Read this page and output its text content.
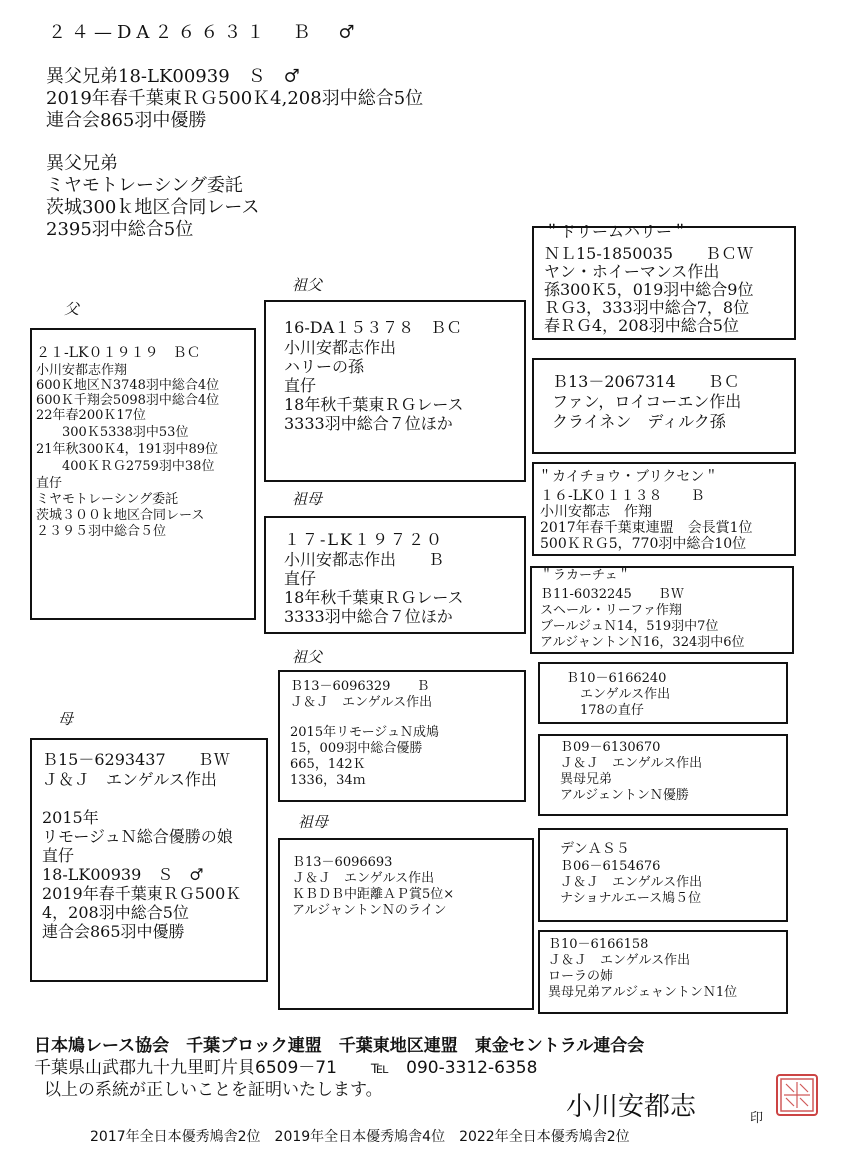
２４—DA２６６３１　Ｂ　♂
異父兄弟18-LK00939　Ｓ　♂
2019年春千葉東ＲＧ500Ｋ4,208羽中総合5位
連合会865羽中優勝
異父兄弟
ミヤモトレーシング委託
茨城300ｋ地区合同レース
2395羽中総合5位
父
祖父
祖母
祖父
母
祖母
２１-LK０１９１９　ＢＣ
小川安都志作翔
600Ｋ地区Ｎ3748羽中総合4位
600Ｋ千翔会5098羽中総合4位
22年春200Ｋ17位
　　300Ｋ5338羽中53位
21年秋300Ｋ4，191羽中89位
　　400ＫＲＧ2759羽中38位
直仔
ミヤモトレーシング委託
茨城３００ｋ地区合同レース
２３９５羽中総合５位
Ｂ15－6293437　　ＢＷ
Ｊ＆Ｊ　エンゲルス作出
2015年
リモージュＮ総合優勝の娘
直仔
18-LK00939　Ｓ　♂
2019年春千葉東ＲＧ500Ｋ
4，208羽中総合5位
連合会865羽中優勝
16-DA１５３７８　ＢＣ
小川安都志作出
ハリーの孫
直仔
18年秋千葉東ＲＧレース
3333羽中総合７位ほか
１７-LK１９７２０
小川安都志作出　　Ｂ
直仔
18年秋千葉東ＲＧレース
3333羽中総合７位ほか
Ｂ13－6096329　　Ｂ
Ｊ＆Ｊ　エンゲルス作出
2015年リモージュＮ成鳩
15，009羽中総合優勝
665，142Ｋ
1336，34ｍ
Ｂ13－6096693
Ｊ＆Ｊ　エンゲルス作出
ＫＢＤＢ中距離ＡＰ賞5位×
アルジャントンＮのライン
＂ドリームハリー＂
ＮＬ15-1850035　　ＢＣＷ
ヤン・ホイーマンス作出
孫300Ｋ5，019羽中総合9位
ＲＧ3，333羽中総合7，8位
春ＲＧ4，208羽中総合5位
Ｂ13－2067314　　ＢＣ
ファン，ロイコーエン作出
クライネン　ディルク孫
＂カイチョウ・ブリクセン＂
１６-LK０１１３８　　Ｂ
小川安都志　作翔
2017年春千葉東連盟　会長賞1位
500ＫＲＧ5，770羽中総合10位
＂ラカーチェ＂
Ｂ11-6032245　　ＢＷ
スヘール・リーファ作翔
ブールジュＮ14，519羽中7位
アルジャントンＮ16，324羽中6位
Ｂ10－6166240
エンゲルス作出
178の直仔
Ｂ09－6130670
Ｊ＆Ｊ　エンゲルス作出
異母兄弟
アルジェントンＮ優勝
デンＡＳ５
Ｂ06－6154676
Ｊ＆Ｊ　エンゲルス作出
ナショナルエース鳩５位
Ｂ10－6166158
Ｊ＆Ｊ　エンゲルス作出
ローラの姉
異母兄弟アルジェャントンＮ1位
日本鳩レース協会　千葉ブロック連盟　千葉東地区連盟　東金セントラル連合会
千葉県山武郡九十九里町片貝6509－71　　℡　090-3312-6358
以上の系統が正しいことを証明いたします。
小川安都志	印
2017年全日本優秀鳩舎2位　2019年全日本優秀鳩舎4位　2022年全日本優秀鳩舎2位
